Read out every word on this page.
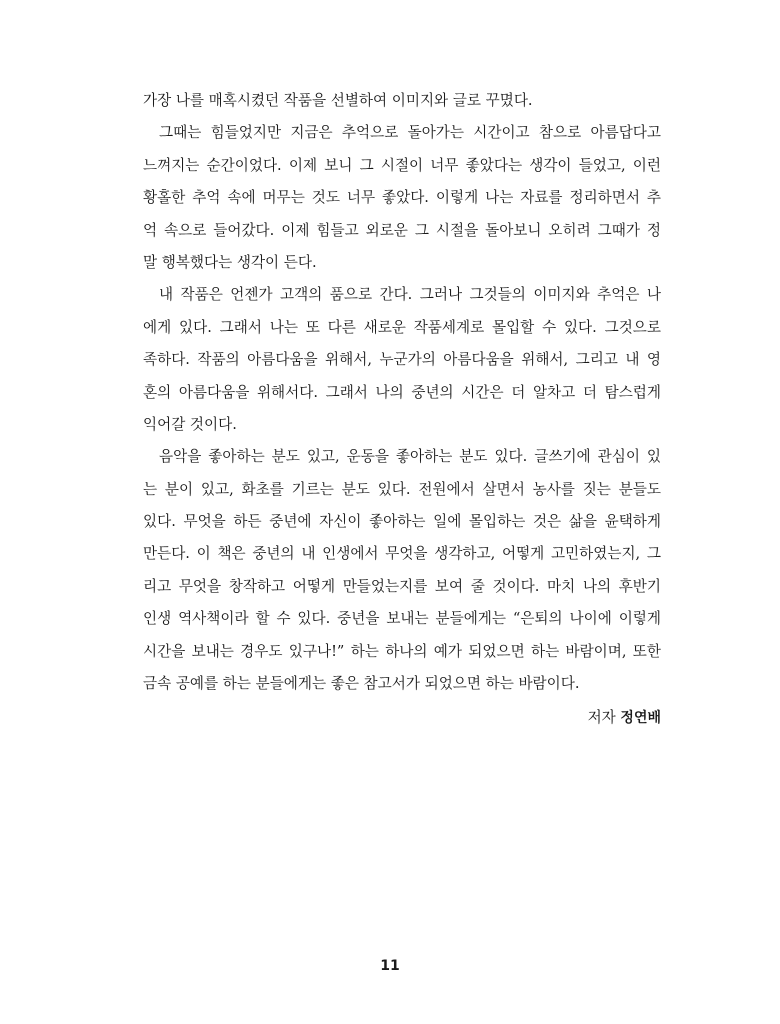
가장 나를 매혹시켰던 작품을 선별하여 이미지와 글로 꾸몄다.
그때는 힘들었지만 지금은 추억으로 돌아가는 시간이고 참으로 아름답다고
느껴지는 순간이었다. 이제 보니 그 시절이 너무 좋았다는 생각이 들었고, 이런
황홀한 추억 속에 머무는 것도 너무 좋았다. 이렇게 나는 자료를 정리하면서 추
억 속으로 들어갔다. 이제 힘들고 외로운 그 시절을 돌아보니 오히려 그때가 정
말 행복했다는 생각이 든다.
내 작품은 언젠가 고객의 품으로 간다. 그러나 그것들의 이미지와 추억은 나
에게 있다. 그래서 나는 또 다른 새로운 작품세계로 몰입할 수 있다. 그것으로
족하다. 작품의 아름다움을 위해서, 누군가의 아름다움을 위해서, 그리고 내 영
혼의 아름다움을 위해서다. 그래서 나의 중년의 시간은 더 알차고 더 탐스럽게
익어갈 것이다.
음악을 좋아하는 분도 있고, 운동을 좋아하는 분도 있다. 글쓰기에 관심이 있
는 분이 있고, 화초를 기르는 분도 있다. 전원에서 살면서 농사를 짓는 분들도
있다. 무엇을 하든 중년에 자신이 좋아하는 일에 몰입하는 것은 삶을 윤택하게
만든다. 이 책은 중년의 내 인생에서 무엇을 생각하고, 어떻게 고민하였는지, 그
리고 무엇을 창작하고 어떻게 만들었는지를 보여 줄 것이다. 마치 나의 후반기
인생 역사책이라 할 수 있다. 중년을 보내는 분들에게는 “은퇴의 나이에 이렇게
시간을 보내는 경우도 있구나!” 하는 하나의 예가 되었으면 하는 바람이며, 또한
금속 공예를 하는 분들에게는 좋은 참고서가 되었으면 하는 바람이다.
저자 정연배
11
